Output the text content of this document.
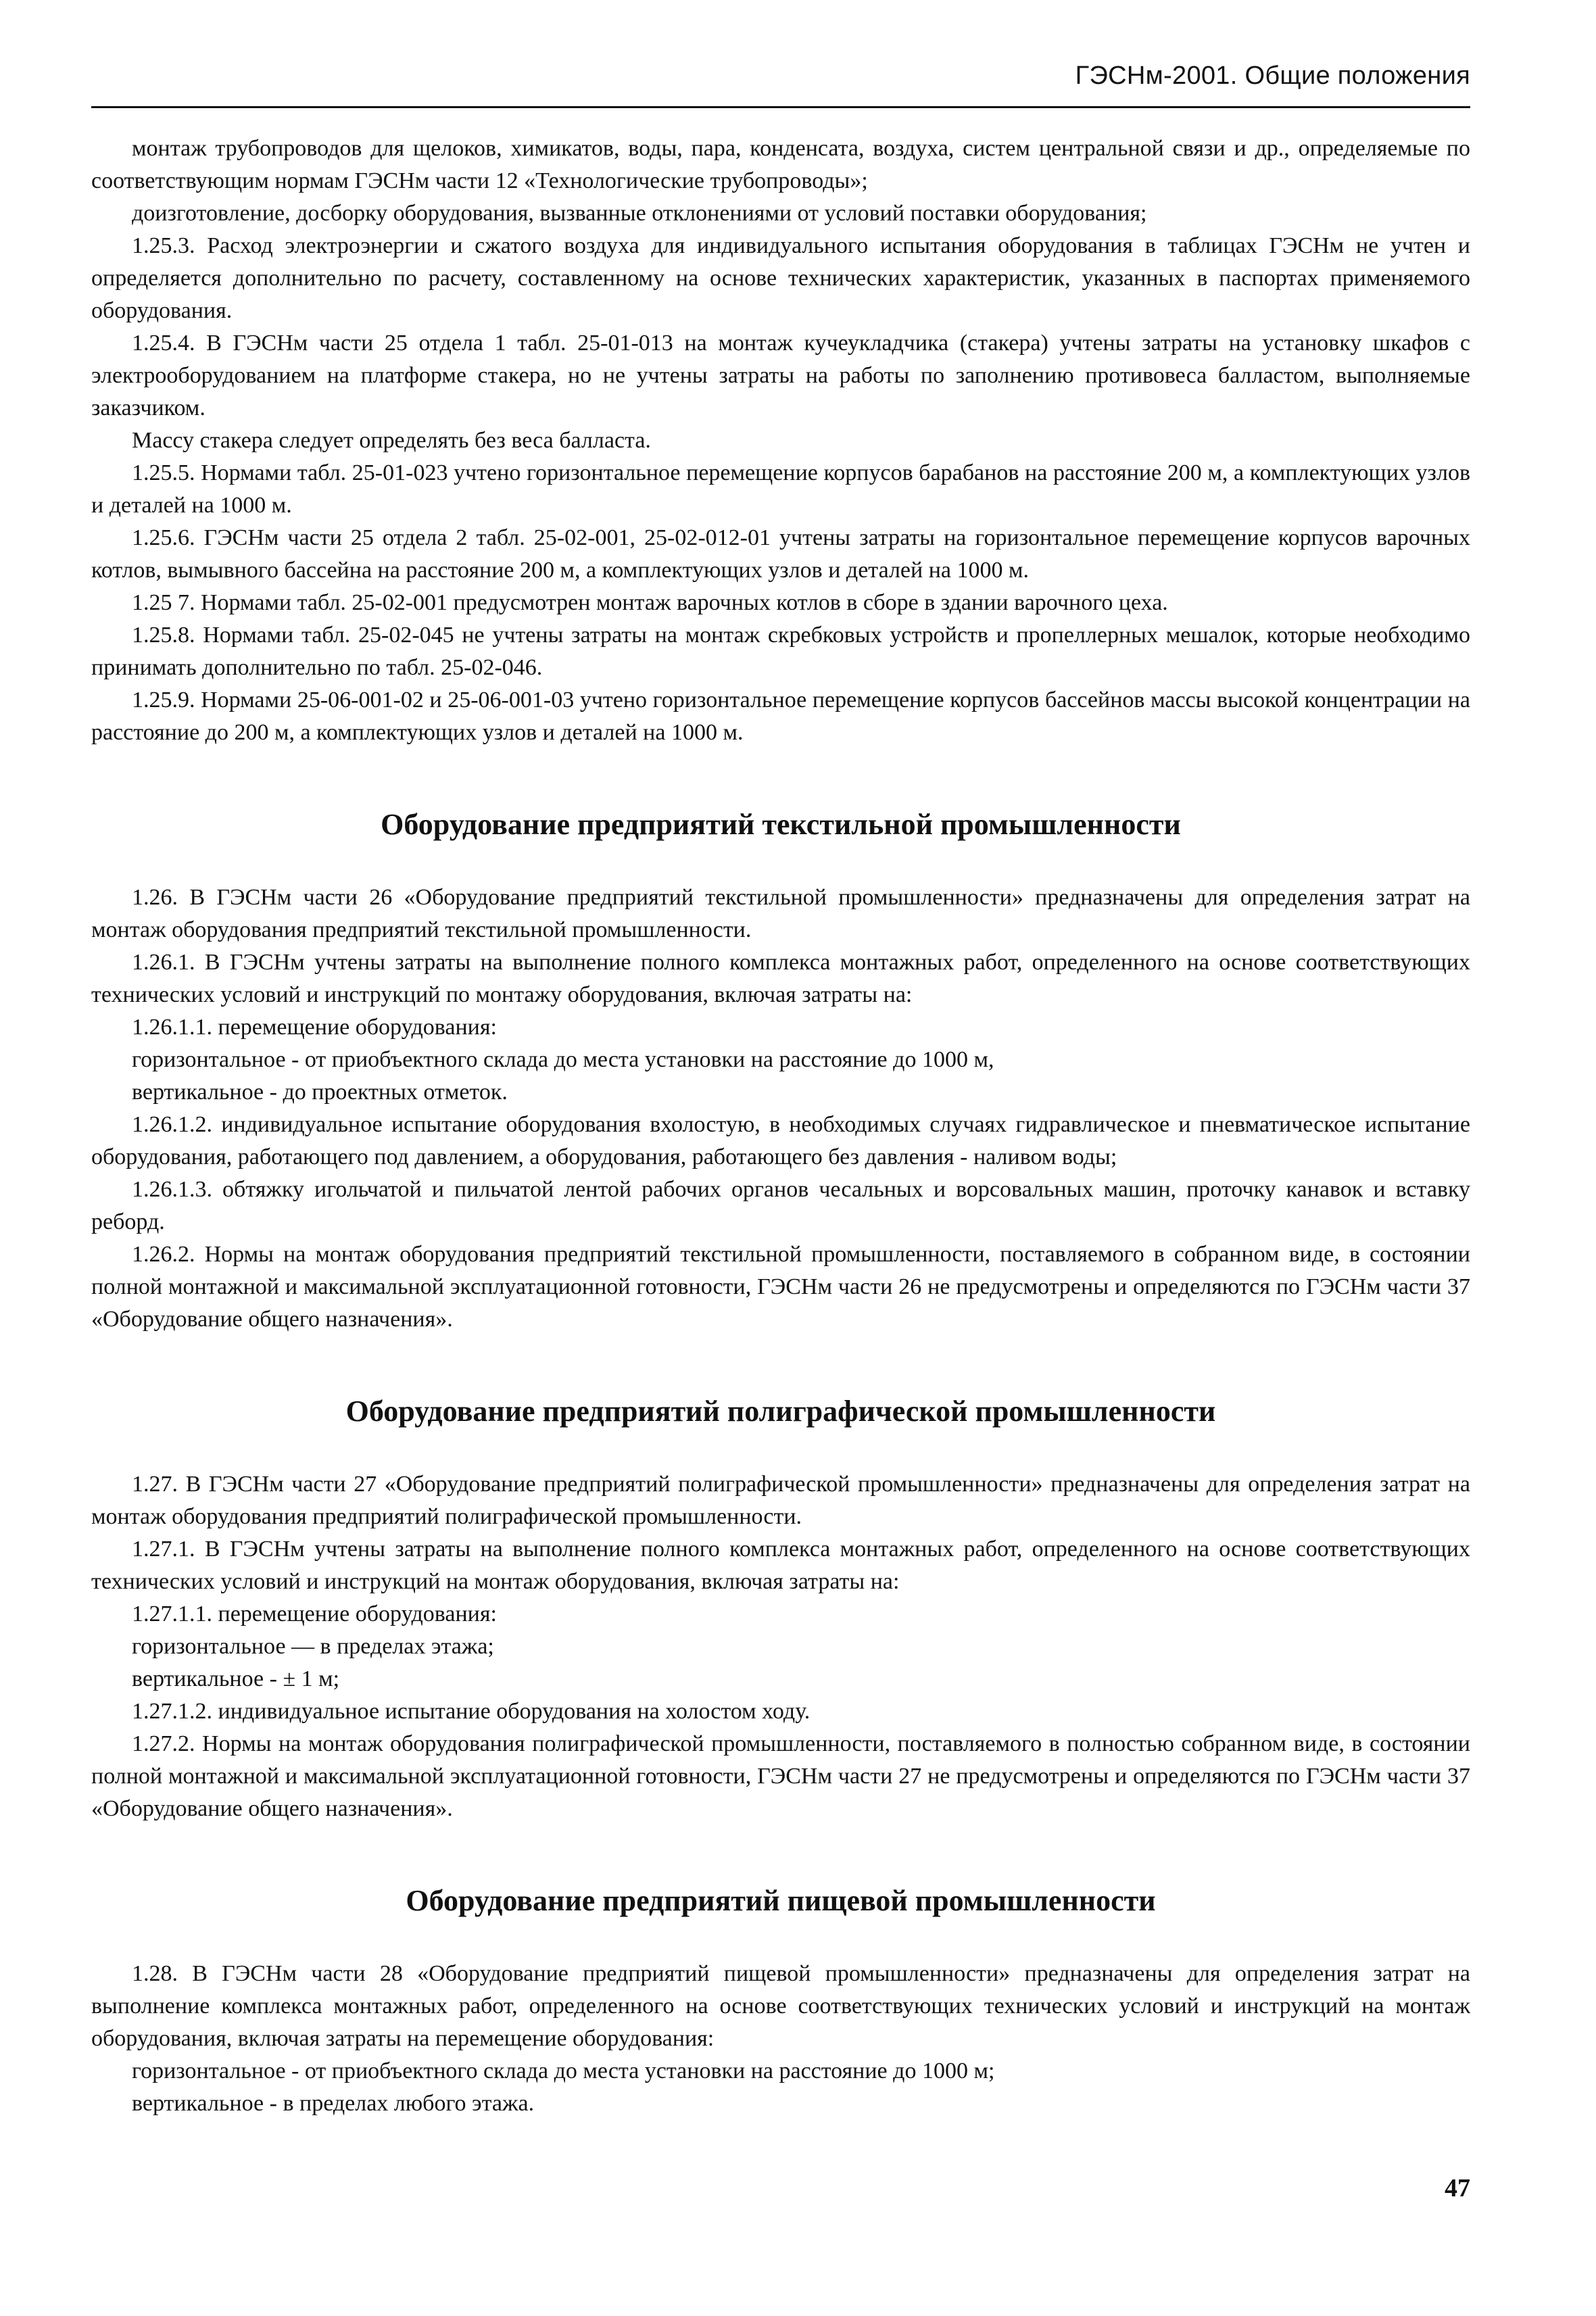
ГЭСНм-2001. Общие положения

монтаж трубопроводов для щелоков, химикатов, воды, пара, конденсата, воздуха, систем центральной связи и др., определяемые по соответствующим нормам ГЭСНм части 12 «Технологические трубопроводы»;

доизготовление, досборку оборудования, вызванные отклонениями от условий поставки оборудования;

1.25.3. Расход электроэнергии и сжатого воздуха для индивидуального испытания оборудования в таблицах ГЭСНм не учтен и определяется дополнительно по расчету, составленному на основе технических характеристик, указанных в паспортах применяемого оборудования.

1.25.4. В ГЭСНм части 25 отдела 1 табл. 25-01-013 на монтаж кучеукладчика (стакера) учтены затраты на установку шкафов с электрооборудованием на платформе стакера, но не учтены затраты на работы по заполнению противовеса балластом, выполняемые заказчиком.

Массу стакера следует определять без веса балласта.

1.25.5. Нормами табл. 25-01-023 учтено горизонтальное перемещение корпусов барабанов на расстояние 200 м, а комплектующих узлов и деталей на 1000 м.

1.25.6. ГЭСНм части 25 отдела 2 табл. 25-02-001, 25-02-012-01 учтены затраты на горизонтальное перемещение корпусов варочных котлов, вымывного бассейна на расстояние 200 м, а комплектующих узлов и деталей на 1000 м.

1.25 7. Нормами табл. 25-02-001 предусмотрен монтаж варочных котлов в сборе в здании варочного цеха.

1.25.8. Нормами табл. 25-02-045 не учтены затраты на монтаж скребковых устройств и пропеллерных мешалок, которые необходимо принимать дополнительно по табл. 25-02-046.

1.25.9. Нормами 25-06-001-02 и 25-06-001-03 учтено горизонтальное перемещение корпусов бассейнов массы высокой концентрации на расстояние до 200 м, а комплектующих узлов и деталей на 1000 м.

Оборудование предприятий текстильной промышленности

1.26. В ГЭСНм части 26 «Оборудование предприятий текстильной промышленности» предназначены для определения затрат на монтаж оборудования предприятий текстильной промышленности.

1.26.1. В ГЭСНм учтены затраты на выполнение полного комплекса монтажных работ, определенного на основе соответствующих технических условий и инструкций по монтажу оборудования, включая затраты на:

1.26.1.1. перемещение оборудования:

горизонтальное - от приобъектного склада до места установки на расстояние до 1000 м,

вертикальное - до проектных отметок.

1.26.1.2. индивидуальное испытание оборудования вхолостую, в необходимых случаях гидравлическое и пневматическое испытание оборудования, работающего под давлением, а оборудования, работающего без давления - наливом воды;

1.26.1.3. обтяжку игольчатой и пильчатой лентой рабочих органов чесальных и ворсовальных машин, проточку канавок и вставку реборд.

1.26.2. Нормы на монтаж оборудования предприятий текстильной промышленности, поставляемого в собранном виде, в состоянии полной монтажной и максимальной эксплуатационной готовности, ГЭСНм части 26 не предусмотрены и определяются по ГЭСНм части 37 «Оборудование общего назначения».

Оборудование предприятий полиграфической промышленности

1.27. В ГЭСНм части 27 «Оборудование предприятий полиграфической промышленности» предназначены для определения затрат на монтаж оборудования предприятий полиграфической промышленности.

1.27.1. В ГЭСНм учтены затраты на выполнение полного комплекса монтажных работ, определенного на основе соответствующих технических условий и инструкций на монтаж оборудования, включая затраты на:

1.27.1.1. перемещение оборудования:

горизонтальное — в пределах этажа;

вертикальное - ± 1 м;

1.27.1.2. индивидуальное испытание оборудования на холостом ходу.

1.27.2. Нормы на монтаж оборудования полиграфической промышленности, поставляемого в полностью собранном виде, в состоянии полной монтажной и максимальной эксплуатационной готовности, ГЭСНм части 27 не предусмотрены и определяются по ГЭСНм части 37 «Оборудование общего назначения».

Оборудование предприятий пищевой промышленности

1.28. В ГЭСНм части 28 «Оборудование предприятий пищевой промышленности» предназначены для определения затрат на выполнение комплекса монтажных работ, определенного на основе соответствующих технических условий и инструкций на монтаж оборудования, включая затраты на перемещение оборудования:

горизонтальное - от приобъектного склада до места установки на расстояние до 1000 м;

вертикальное - в пределах любого этажа.

47
